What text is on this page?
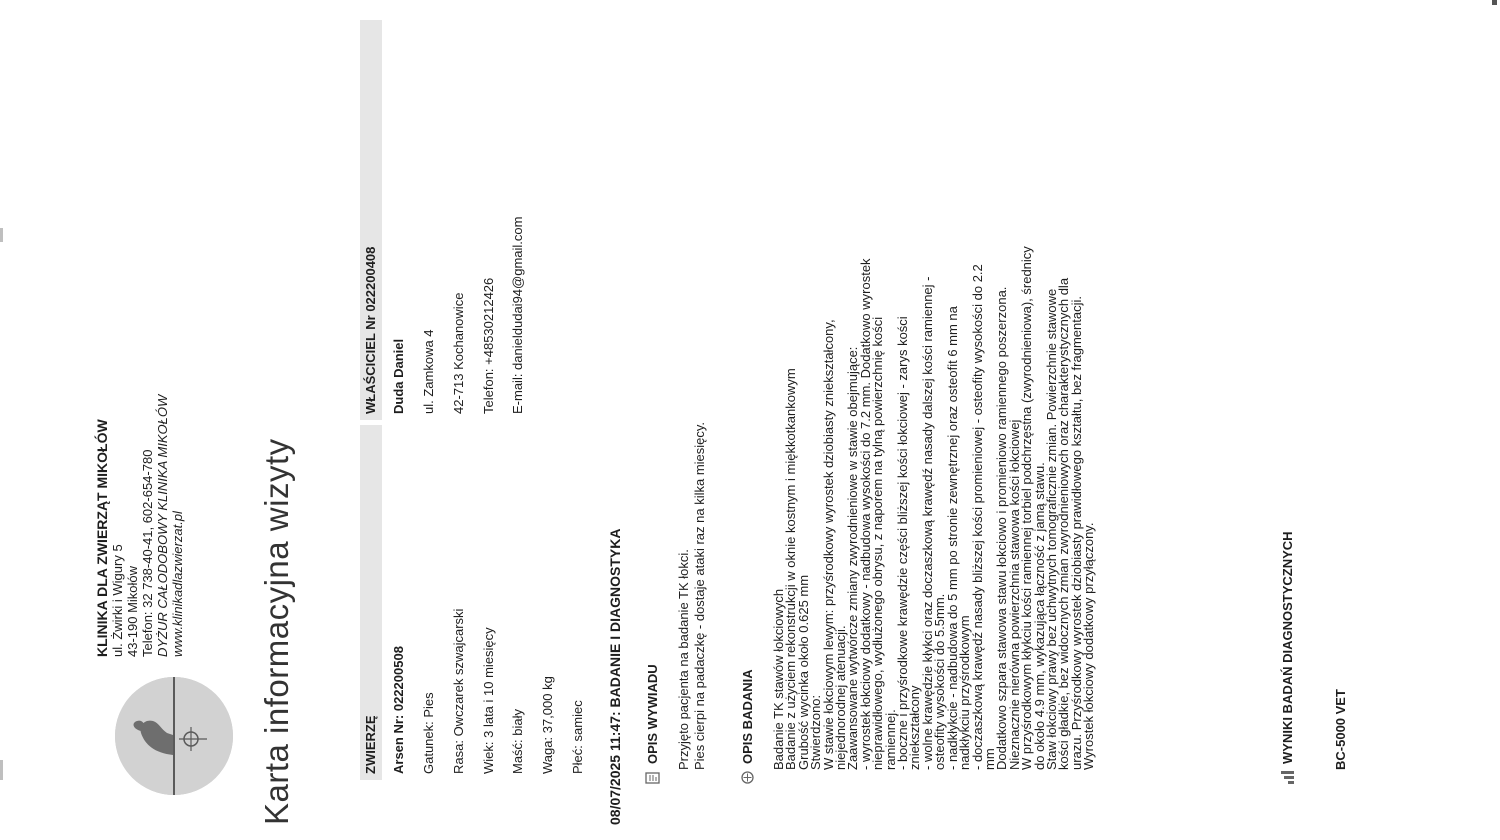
KLINIKA DLA ZWIERZĄT MIKOŁÓW ul. Żwirki i Wigury 5 43-190 Mikołów Telefon: 32 738-40-41, 602-654-780 DYŻUR CAŁODOBOWY KLINIKA MIKOŁÓW www.klinikadlazwierzat.pl Karta informacyjna wizyty	ZWIERZĘ	Arsen Nr: 022200508 Gatunek: Pies Rasa: Owczarek szwajcarski Wiek: 3 lata i 10 miesięcy Maść: biały Waga: 37,000 kg Płeć: samiec
WŁAŚCICIEL Nr 022200408	Duda Daniel ul. Zamkowa 4 42-713 Kochanowice Telefon: +48530212426 E-mail: danieldudai94@gmail.com
08/07/2025 11:47: BADANIE I DIAGNOSTYKA OPIS WYWIADU Przyjęto pacjenta na badanie TK łokci.
Pies cierpi na padaczkę - dostaje ataki raz na kilka miesięcy.
OPIS BADANIA Badanie TK stawów łokciowych
Badanie z użyciem rekonstrukcji w oknie kostnym i miękkotkankowym
Grubość wycinka około 0.625 mm
Stwierdzono:
W stawie łokciowym lewym: przyśrodkowy wyrostek dziobiasty zniekształcony,
niejednorodnej atenuacji.
Zaawansowane wytwórcze zmiany zwyrodnieniowe w stawie obejmujące:
- wyrostek łokciowy dodatkowy - nadbudowa wysokości do 7.2 mm. Dodatkowo wyrostek
nieprawidłowego, wydłużonego obrysu, z naporem na tylną powierzchnię kości
ramiennej.
- boczne i przyśrodkowe krawędzie części bliższej kości łokciowej - zarys kości
zniekształcony
- wolne krawędzie kłykci oraz doczaszkową krawędź nasady dalszej kości ramiennej -
osteofity wysokości do 5.5mm.
- nadkłykcie - nadbudowa do 5 mm po stronie zewnętrznej oraz osteofit 6 mm na
nadkłykciu przyśrodkowym
- doczaszkową krawędź nasady bliższej kości promieniowej - osteofity wysokości do 2.2
mm
Dodatkowo szpara stawowa stawu łokciowo i promieniowo ramiennego poszerzona.
Nieznacznie nierówna powierzchnia stawowa kości łokciowej
W przyśrodkowym kłykciu kości ramiennej torbiel podchrzęstna (zwyrodnieniowa), średnicy
do około 4.9 mm, wykazująca łączność z jamą stawu.
Staw łokciowy prawy bez uchwytnych tomograficznie zmian. Powierzchnie stawowe
kości gładkie, bez widocznych zmian zwyrodnieniowych oraz charakterystycznych dla
urazu. Przyśrodkowy wyrostek dziobiasty prawidłowego kształtu, bez fragmentacji.
Wyrostek łokciowy dodatkowy przyłączony.	WYNIKI BADAŃ DIAGNOSTYCZNYCH	BC-5000 VET
